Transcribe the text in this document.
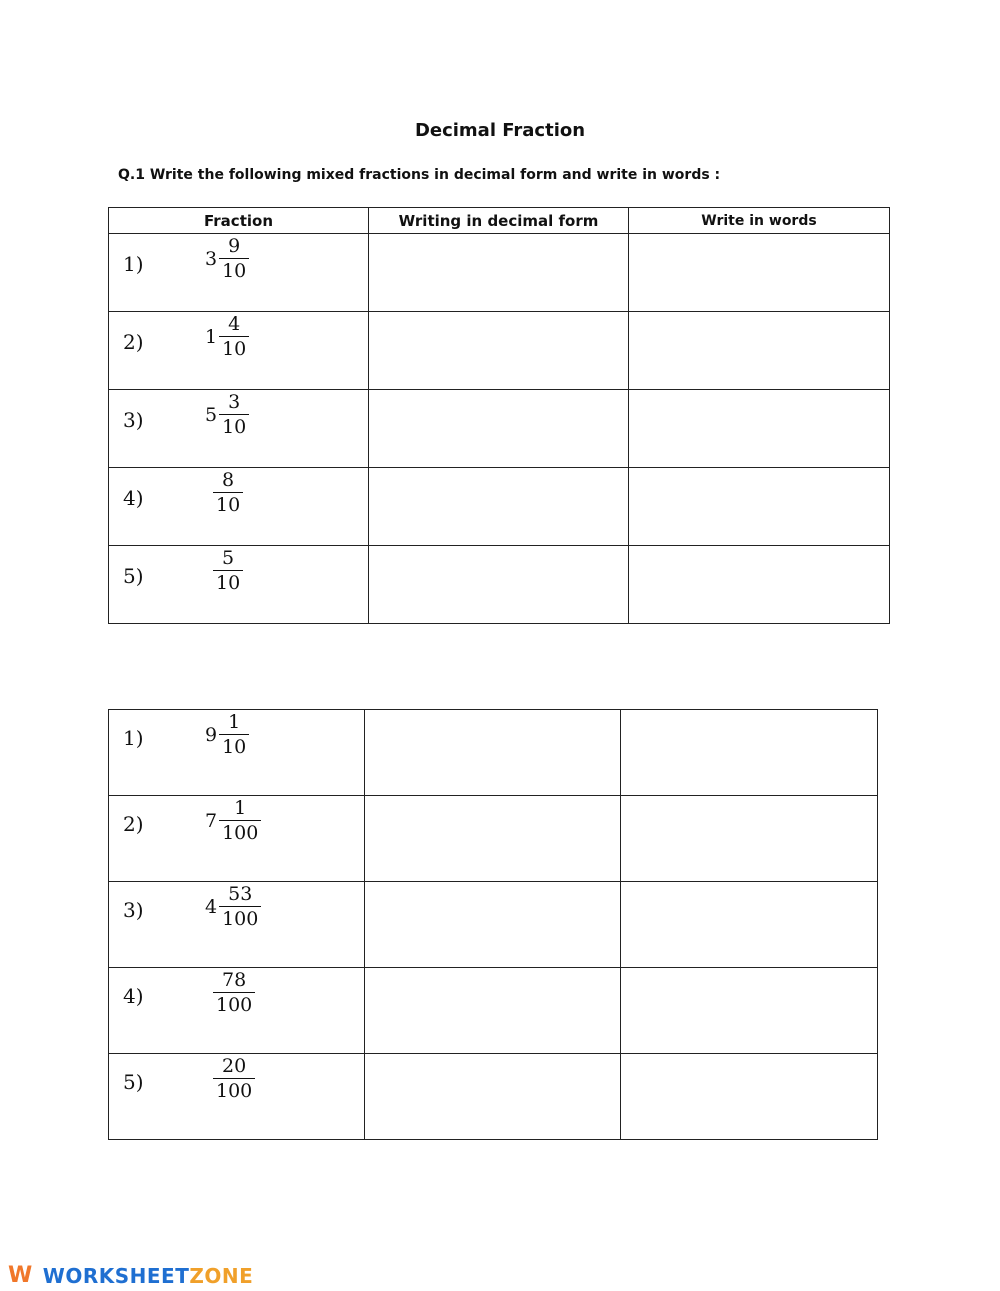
Decimal Fraction
Q.1 Write the following mixed fractions in decimal form and write in words :
Fraction	Writing in decimal form	Write in words

1) $3 \frac{9}{10}$

2) $1 \frac{4}{10}$

3) $5 \frac{3}{10}$

$4) \frac{8}{10}$

$5) \frac{5}{10}$

1) $9 \frac{1}{10}$

2) $7 \frac{1}{100}$

3) $4 \frac{53}{100}$

$4) \frac{78}{100}$

$5) \frac{20}{100}$

W WORKSHEET ZONE
